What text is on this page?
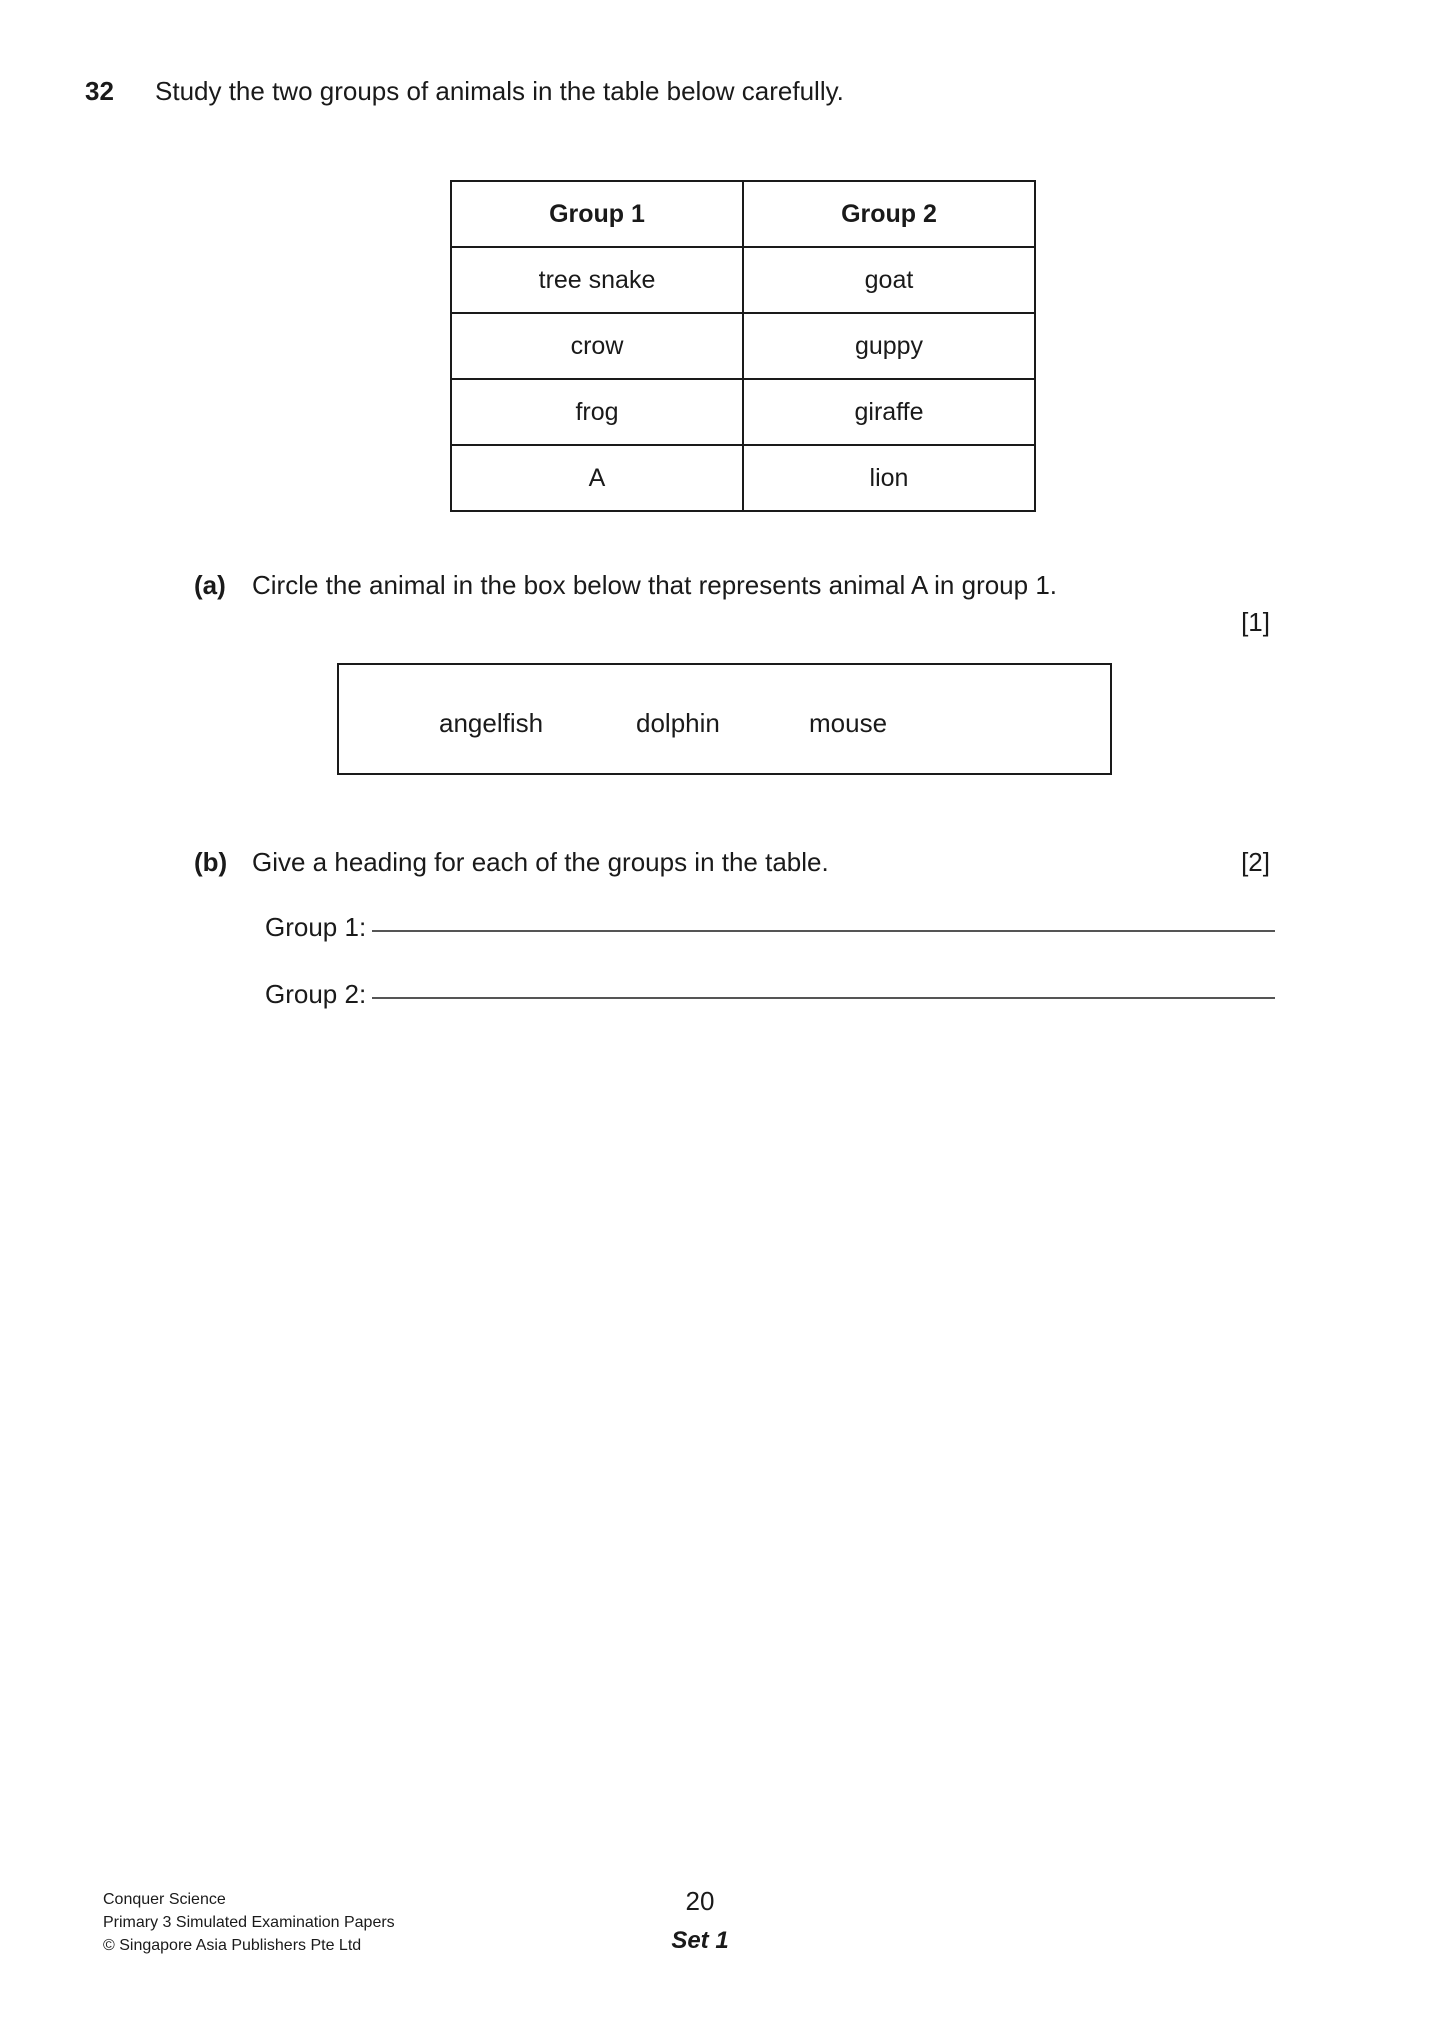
32	Study the two groups of animals in the table below carefully.
Group 1	Group 2
tree snake	goat
crow	guppy
frog	giraffe
A	lion
(a)	Circle the animal in the box below that represents animal A in group 1.
[1]
angelfish	dolphin	mouse
(b) Give a heading for each of the groups in the table.	[2]
Group 1:
Group 2:
Conquer Science
Primary 3 Simulated Examination Papers
© Singapore Asia Publishers Pte Ltd
20
Set 1
